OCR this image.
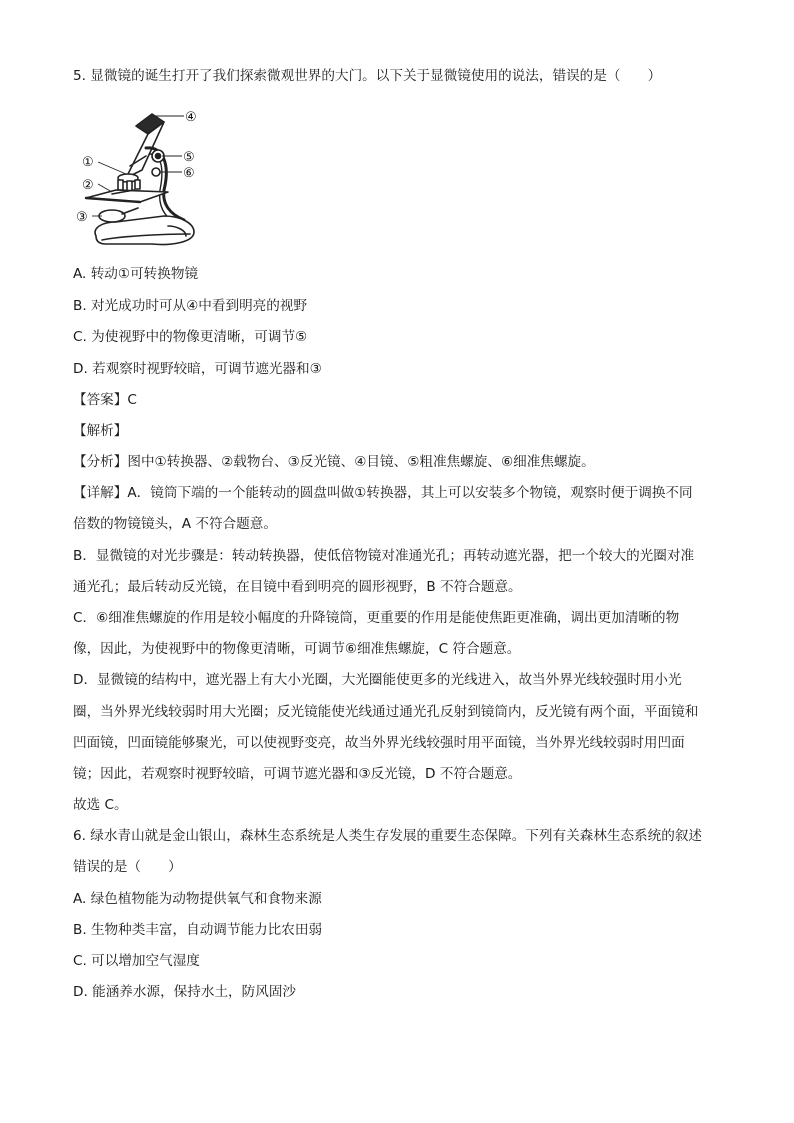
5. 显微镜的诞生打开了我们探索微观世界的大门。以下关于显微镜使用的说法，错误的是（　　）
④
①
②
③
⑤
⑥
A. 转动①可转换物镜
B. 对光成功时可从④中看到明亮的视野
C. 为使视野中的物像更清晰，可调节⑤
D. 若观察时视野较暗，可调节遮光器和③
【答案】C
【解析】
【分析】图中①转换器、②载物台、③反光镜、④目镜、⑤粗准焦螺旋、⑥细准焦螺旋。
【详解】A．镜筒下端的一个能转动的圆盘叫做①转换器，其上可以安装多个物镜，观察时便于调换不同
倍数的物镜镜头，A 不符合题意。
B．显微镜的对光步骤是：转动转换器，使低倍物镜对准通光孔；再转动遮光器，把一个较大的光圈对准
通光孔；最后转动反光镜，在目镜中看到明亮的圆形视野，B 不符合题意。
C．⑥细准焦螺旋的作用是较小幅度的升降镜筒，更重要的作用是能使焦距更准确，调出更加清晰的物
像，因此，为使视野中的物像更清晰，可调节⑥细准焦螺旋，C 符合题意。
D．显微镜的结构中，遮光器上有大小光圈，大光圈能使更多的光线进入，故当外界光线较强时用小光
圈，当外界光线较弱时用大光圈；反光镜能使光线通过通光孔反射到镜筒内，反光镜有两个面，平面镜和
凹面镜，凹面镜能够聚光，可以使视野变亮，故当外界光线较强时用平面镜，当外界光线较弱时用凹面
镜；因此，若观察时视野较暗，可调节遮光器和③反光镜，D 不符合题意。
故选 C。
6. 绿水青山就是金山银山，森林生态系统是人类生存发展的重要生态保障。下列有关森林生态系统的叙述
错误的是（　　）
A. 绿色植物能为动物提供氧气和食物来源
B. 生物种类丰富，自动调节能力比农田弱
C. 可以增加空气湿度
D. 能涵养水源，保持水土，防风固沙
